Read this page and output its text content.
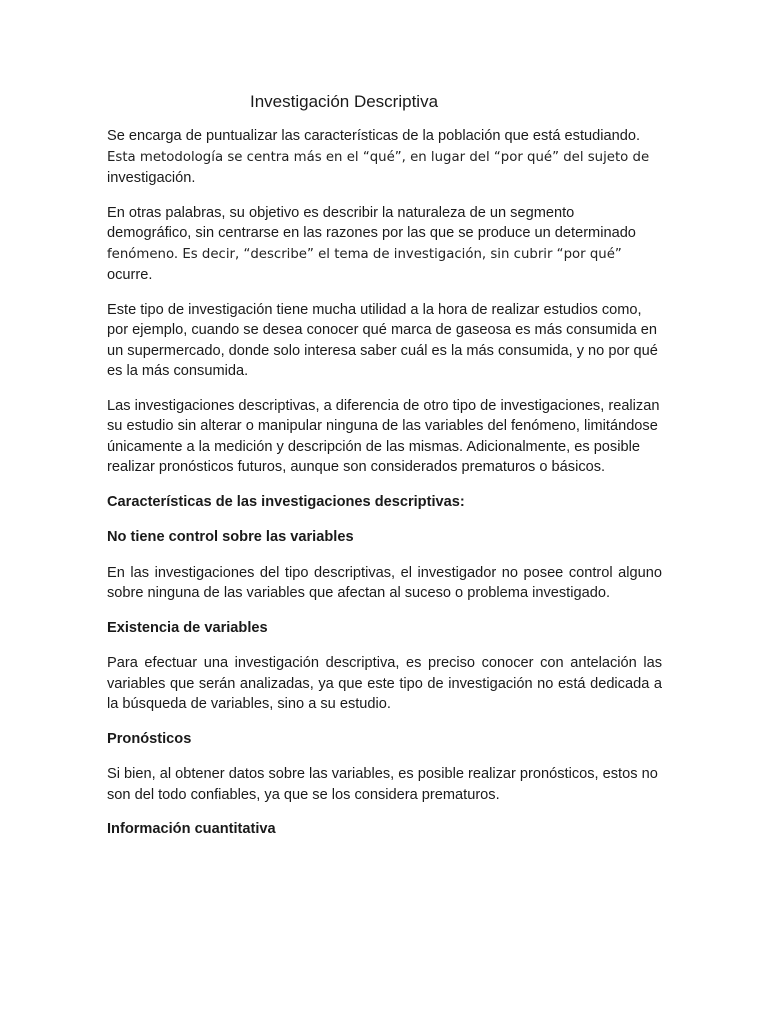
Investigación Descriptiva

Se encarga de puntualizar las características de la población que está estudiando.
Esta metodología se centra más en el “qué”, en lugar del “por qué” del sujeto de
investigación.

En otras palabras, su objetivo es describir la naturaleza de un segmento demográfico, sin centrarse en las razones por las que se produce un determinado
fenómeno. Es decir, “describe” el tema de investigación, sin cubrir “por qué”
ocurre.

Este tipo de investigación tiene mucha utilidad a la hora de realizar estudios como, por ejemplo, cuando se desea conocer qué marca de gaseosa es más consumida en un supermercado, donde solo interesa saber cuál es la más consumida, y no por qué es la más consumida.

Las investigaciones descriptivas, a diferencia de otro tipo de investigaciones, realizan su estudio sin alterar o manipular ninguna de las variables del fenómeno, limitándose únicamente a la medición y descripción de las mismas. Adicionalmente, es posible realizar pronósticos futuros, aunque son considerados prematuros o básicos.

Características de las investigaciones descriptivas:

No tiene control sobre las variables

En las investigaciones del tipo descriptivas, el investigador no posee control alguno sobre ninguna de las variables que afectan al suceso o problema investigado.

Existencia de variables

Para efectuar una investigación descriptiva, es preciso conocer con antelación las variables que serán analizadas, ya que este tipo de investigación no está dedicada a la búsqueda de variables, sino a su estudio.

Pronósticos

Si bien, al obtener datos sobre las variables, es posible realizar pronósticos, estos no son del todo confiables, ya que se los considera prematuros.

Información cuantitativa
